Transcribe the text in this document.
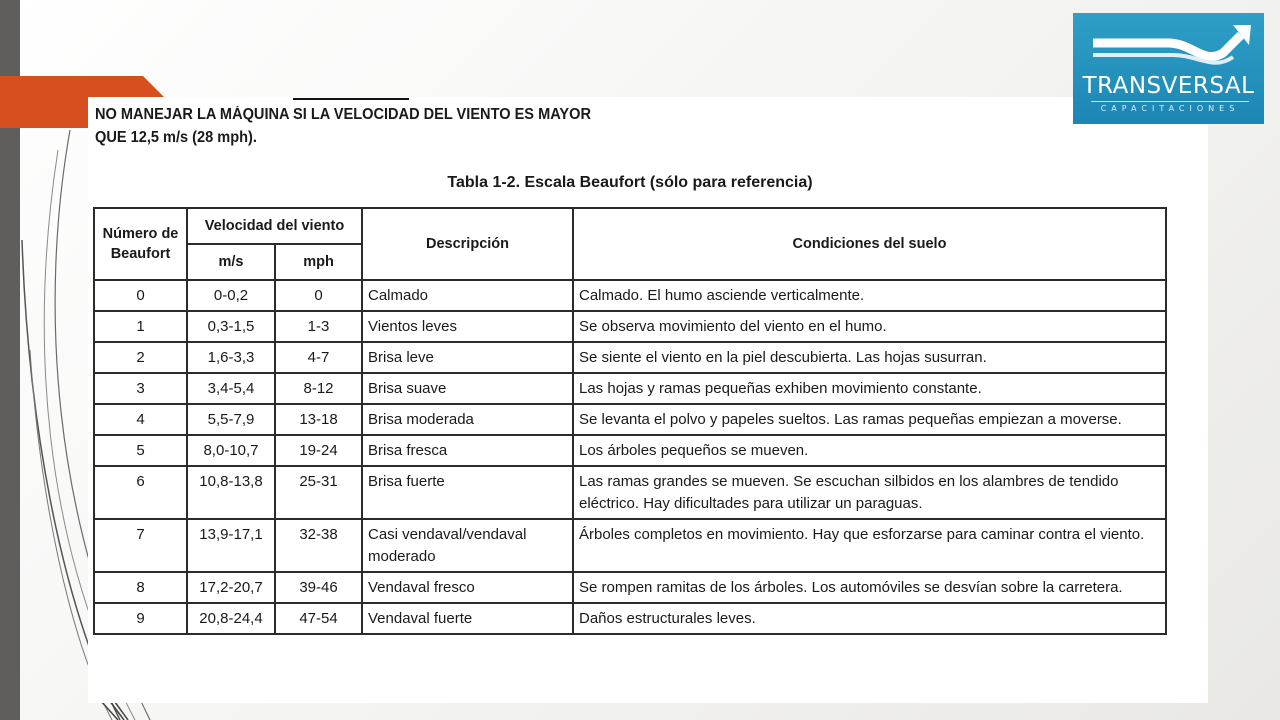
NO MANEJAR LA MÁQUINA SI LA VELOCIDAD DEL VIENTO ES MAYOR
QUE 12,5 m/s (28 mph).
Tabla 1-2. Escala Beaufort (sólo para referencia)
Número de Beaufort	Velocidad del viento		Descripción	Condiciones del suelo
	m/s	mph		
0	0-0,2	0	Calmado	Calmado. El humo asciende verticalmente.
1	0,3-1,5	1-3	Vientos leves	Se observa movimiento del viento en el humo.
2	1,6-3,3	4-7	Brisa leve	Se siente el viento en la piel descubierta. Las hojas susurran.
3	3,4-5,4	8-12	Brisa suave	Las hojas y ramas pequeñas exhiben movimiento constante.
4	5,5-7,9	13-18	Brisa moderada	Se levanta el polvo y papeles sueltos. Las ramas pequeñas empiezan a moverse.
5	8,0-10,7	19-24	Brisa fresca	Los árboles pequeños se mueven.
6	10,8-13,8	25-31	Brisa fuerte	Las ramas grandes se mueven. Se escuchan silbidos en los alambres de tendido eléctrico. Hay dificultades para utilizar un paraguas.
7	13,9-17,1	32-38	Casi vendaval/vendaval moderado	Árboles completos en movimiento. Hay que esforzarse para caminar contra el viento.
8	17,2-20,7	39-46	Vendaval fresco	Se rompen ramitas de los árboles. Los automóviles se desvían sobre la carretera.
9	20,8-24,4	47-54	Vendaval fuerte	Daños estructurales leves.
TRANSVERSAL
CAPACITACIONES
